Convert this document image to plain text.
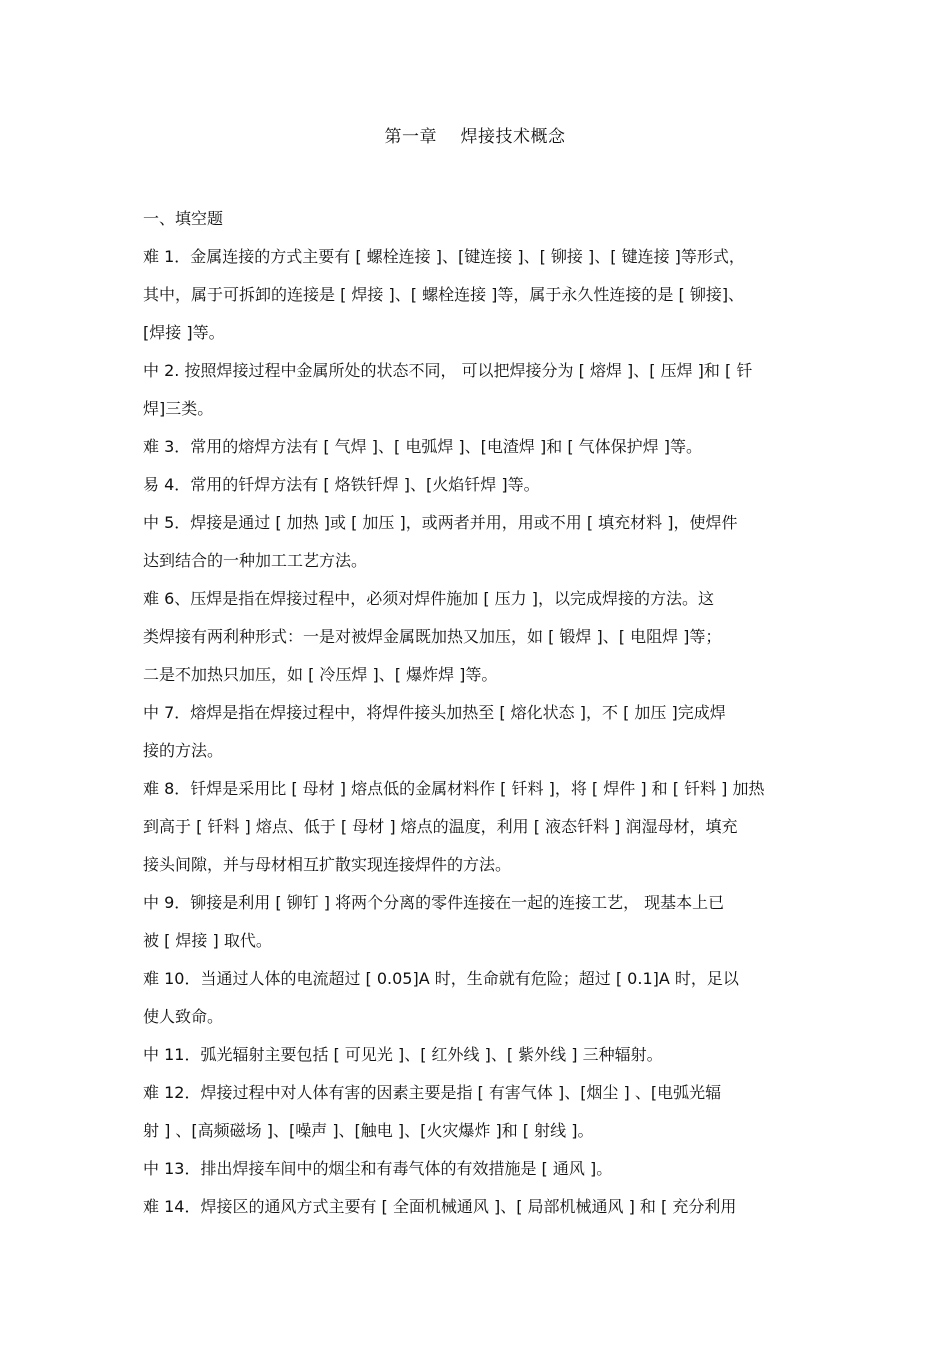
第一章　 焊接技术概念
一、填空题
难 1．金属连接的方式主要有 [ 螺栓连接 ]、[键连接 ]、[ 铆接 ]、[ 键连接 ]等形式，
其中，属于可拆卸的连接是 [ 焊接 ]、[ 螺栓连接 ]等，属于永久性连接的是 [ 铆接]、
[焊接 ]等。
中 2. 按照焊接过程中金属所处的状态不同， 可以把焊接分为 [ 熔焊 ]、[ 压焊 ]和 [ 钎
焊]三类。
难 3．常用的熔焊方法有 [ 气焊 ]、[ 电弧焊 ]、[电渣焊 ]和 [ 气体保护焊 ]等。
易 4．常用的钎焊方法有 [ 烙铁钎焊 ]、[火焰钎焊 ]等。
中 5．焊接是通过 [ 加热 ]或 [ 加压 ]，或两者并用，用或不用 [ 填充材料 ]，使焊件
达到结合的一种加工工艺方法。
难 6、压焊是指在焊接过程中，必须对焊件施加 [ 压力 ]，以完成焊接的方法。这
类焊接有两利种形式：一是对被焊金属既加热又加压，如 [ 锻焊 ]、[ 电阻焊 ]等；
二是不加热只加压，如 [ 冷压焊 ]、[ 爆炸焊 ]等。
中 7．熔焊是指在焊接过程中，将焊件接头加热至 [ 熔化状态 ]，不 [ 加压 ]完成焊
接的方法。
难 8．钎焊是采用比 [ 母材 ] 熔点低的金属材料作 [ 钎料 ]，将 [ 焊件 ] 和 [ 钎料 ] 加热
到高于 [ 钎料 ] 熔点、低于 [ 母材 ] 熔点的温度，利用 [ 液态钎料 ] 润湿母材，填充
接头间隙，并与母材相互扩散实现连接焊件的方法。
中 9．铆接是利用 [ 铆钉 ] 将两个分离的零件连接在一起的连接工艺， 现基本上已
被 [ 焊接 ] 取代。
难 10．当通过人体的电流超过 [ 0.05]A 时，生命就有危险；超过 [ 0.1]A 时，足以
使人致命。
中 11．弧光辐射主要包括 [ 可见光 ]、[ 红外线 ]、[ 紫外线 ] 三种辐射。
难 12．焊接过程中对人体有害的因素主要是指 [ 有害气体 ]、[烟尘 ] 、[电弧光辐
射 ] 、[高频磁场 ]、[噪声 ]、[触电 ]、[火灾爆炸 ]和 [ 射线 ]。
中 13．排出焊接车间中的烟尘和有毒气体的有效措施是 [ 通风 ]。
难 14．焊接区的通风方式主要有 [ 全面机械通风 ]、[ 局部机械通风 ] 和 [ 充分利用
